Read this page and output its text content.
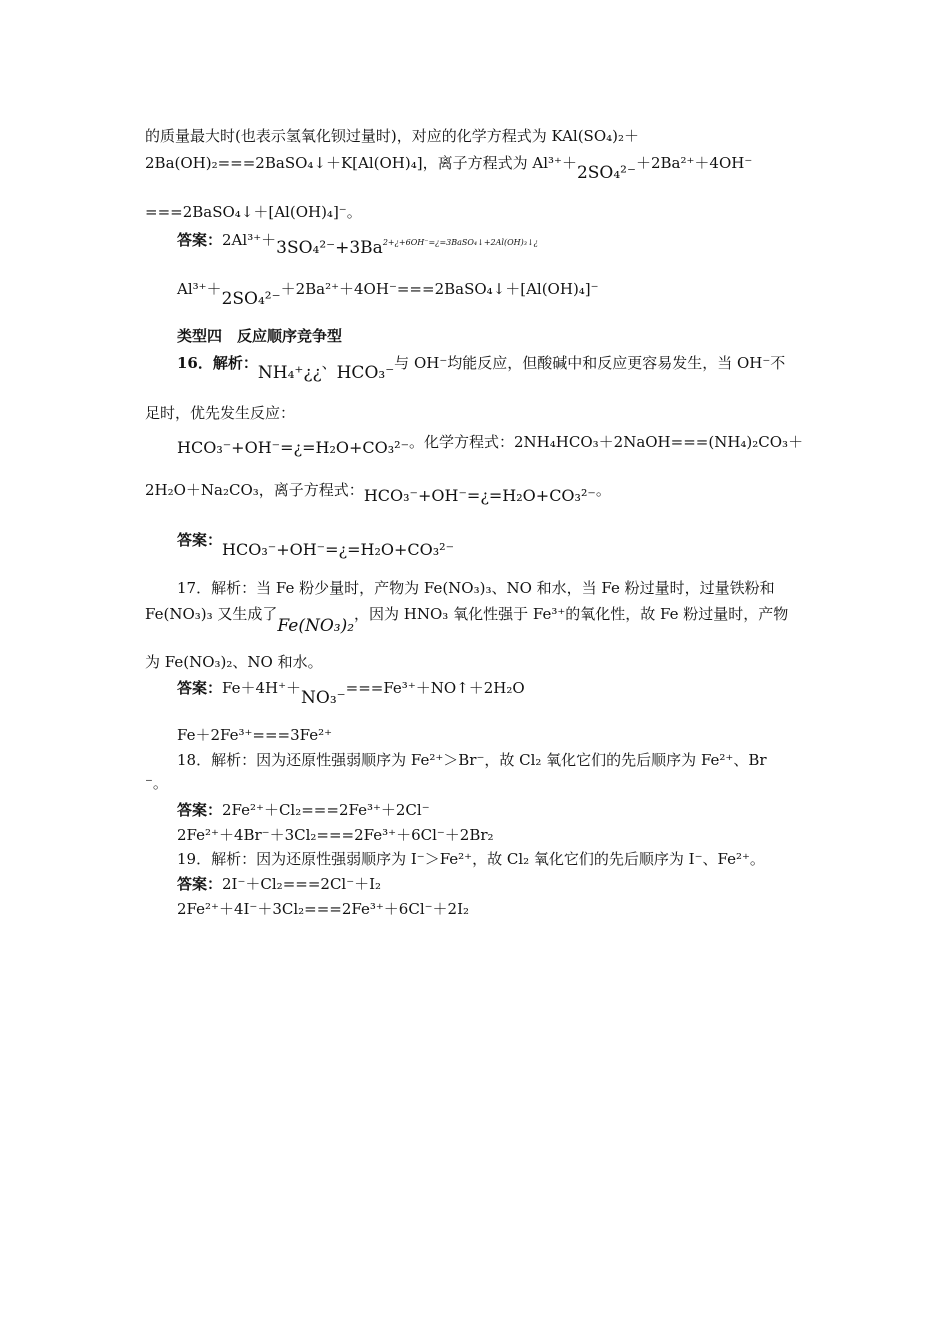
的质量最大时(也表示氢氧化钡过量时)，对应的化学方程式为 KAl(SO₄)₂＋
2Ba(OH)₂===2BaSO₄↓＋K[Al(OH)₄]，离子方程式为 Al³⁺＋2SO₄²⁻＋2Ba²⁺＋4OH⁻
===2BaSO₄↓＋[Al(OH)₄]⁻。
答案：2Al³⁺＋3SO₄²⁻+3Ba2+¿+6OH⁻=¿=3BaSO₄↓+2Al(OH)₃↓¿
Al³⁺＋2SO₄²⁻＋2Ba²⁺＋4OH⁻===2BaSO₄↓＋[Al(OH)₄]⁻
类型四　反应顺序竞争型
16．解析：NH₄⁺¿¿、HCO₃⁻与 OH⁻均能反应，但酸碱中和反应更容易发生，当 OH⁻不
足时，优先发生反应：
HCO₃⁻+OH⁻=¿=H₂O+CO₃²⁻。化学方程式：2NH₄HCO₃＋2NaOH===(NH₄)₂CO₃＋
2H₂O＋Na₂CO₃，离子方程式：HCO₃⁻+OH⁻=¿=H₂O+CO₃²⁻。
答案：HCO₃⁻+OH⁻=¿=H₂O+CO₃²⁻
17．解析：当 Fe 粉少量时，产物为 Fe(NO₃)₃、NO 和水，当 Fe 粉过量时，过量铁粉和
Fe(NO₃)₃ 又生成了Fe(NO₃)₂，因为 HNO₃ 氧化性强于 Fe³⁺的氧化性，故 Fe 粉过量时，产物
为 Fe(NO₃)₂、NO 和水。
答案：Fe＋4H⁺＋NO₃⁻===Fe³⁺＋NO↑＋2H₂O
Fe＋2Fe³⁺===3Fe²⁺
18．解析：因为还原性强弱顺序为 Fe²⁺＞Br⁻，故 Cl₂ 氧化它们的先后顺序为 Fe²⁺、Br
⁻。
答案：2Fe²⁺＋Cl₂===2Fe³⁺＋2Cl⁻
2Fe²⁺＋4Br⁻＋3Cl₂===2Fe³⁺＋6Cl⁻＋2Br₂
19．解析：因为还原性强弱顺序为 I⁻＞Fe²⁺，故 Cl₂ 氧化它们的先后顺序为 I⁻、Fe²⁺。
答案：2I⁻＋Cl₂===2Cl⁻＋I₂
2Fe²⁺＋4I⁻＋3Cl₂===2Fe³⁺＋6Cl⁻＋2I₂
